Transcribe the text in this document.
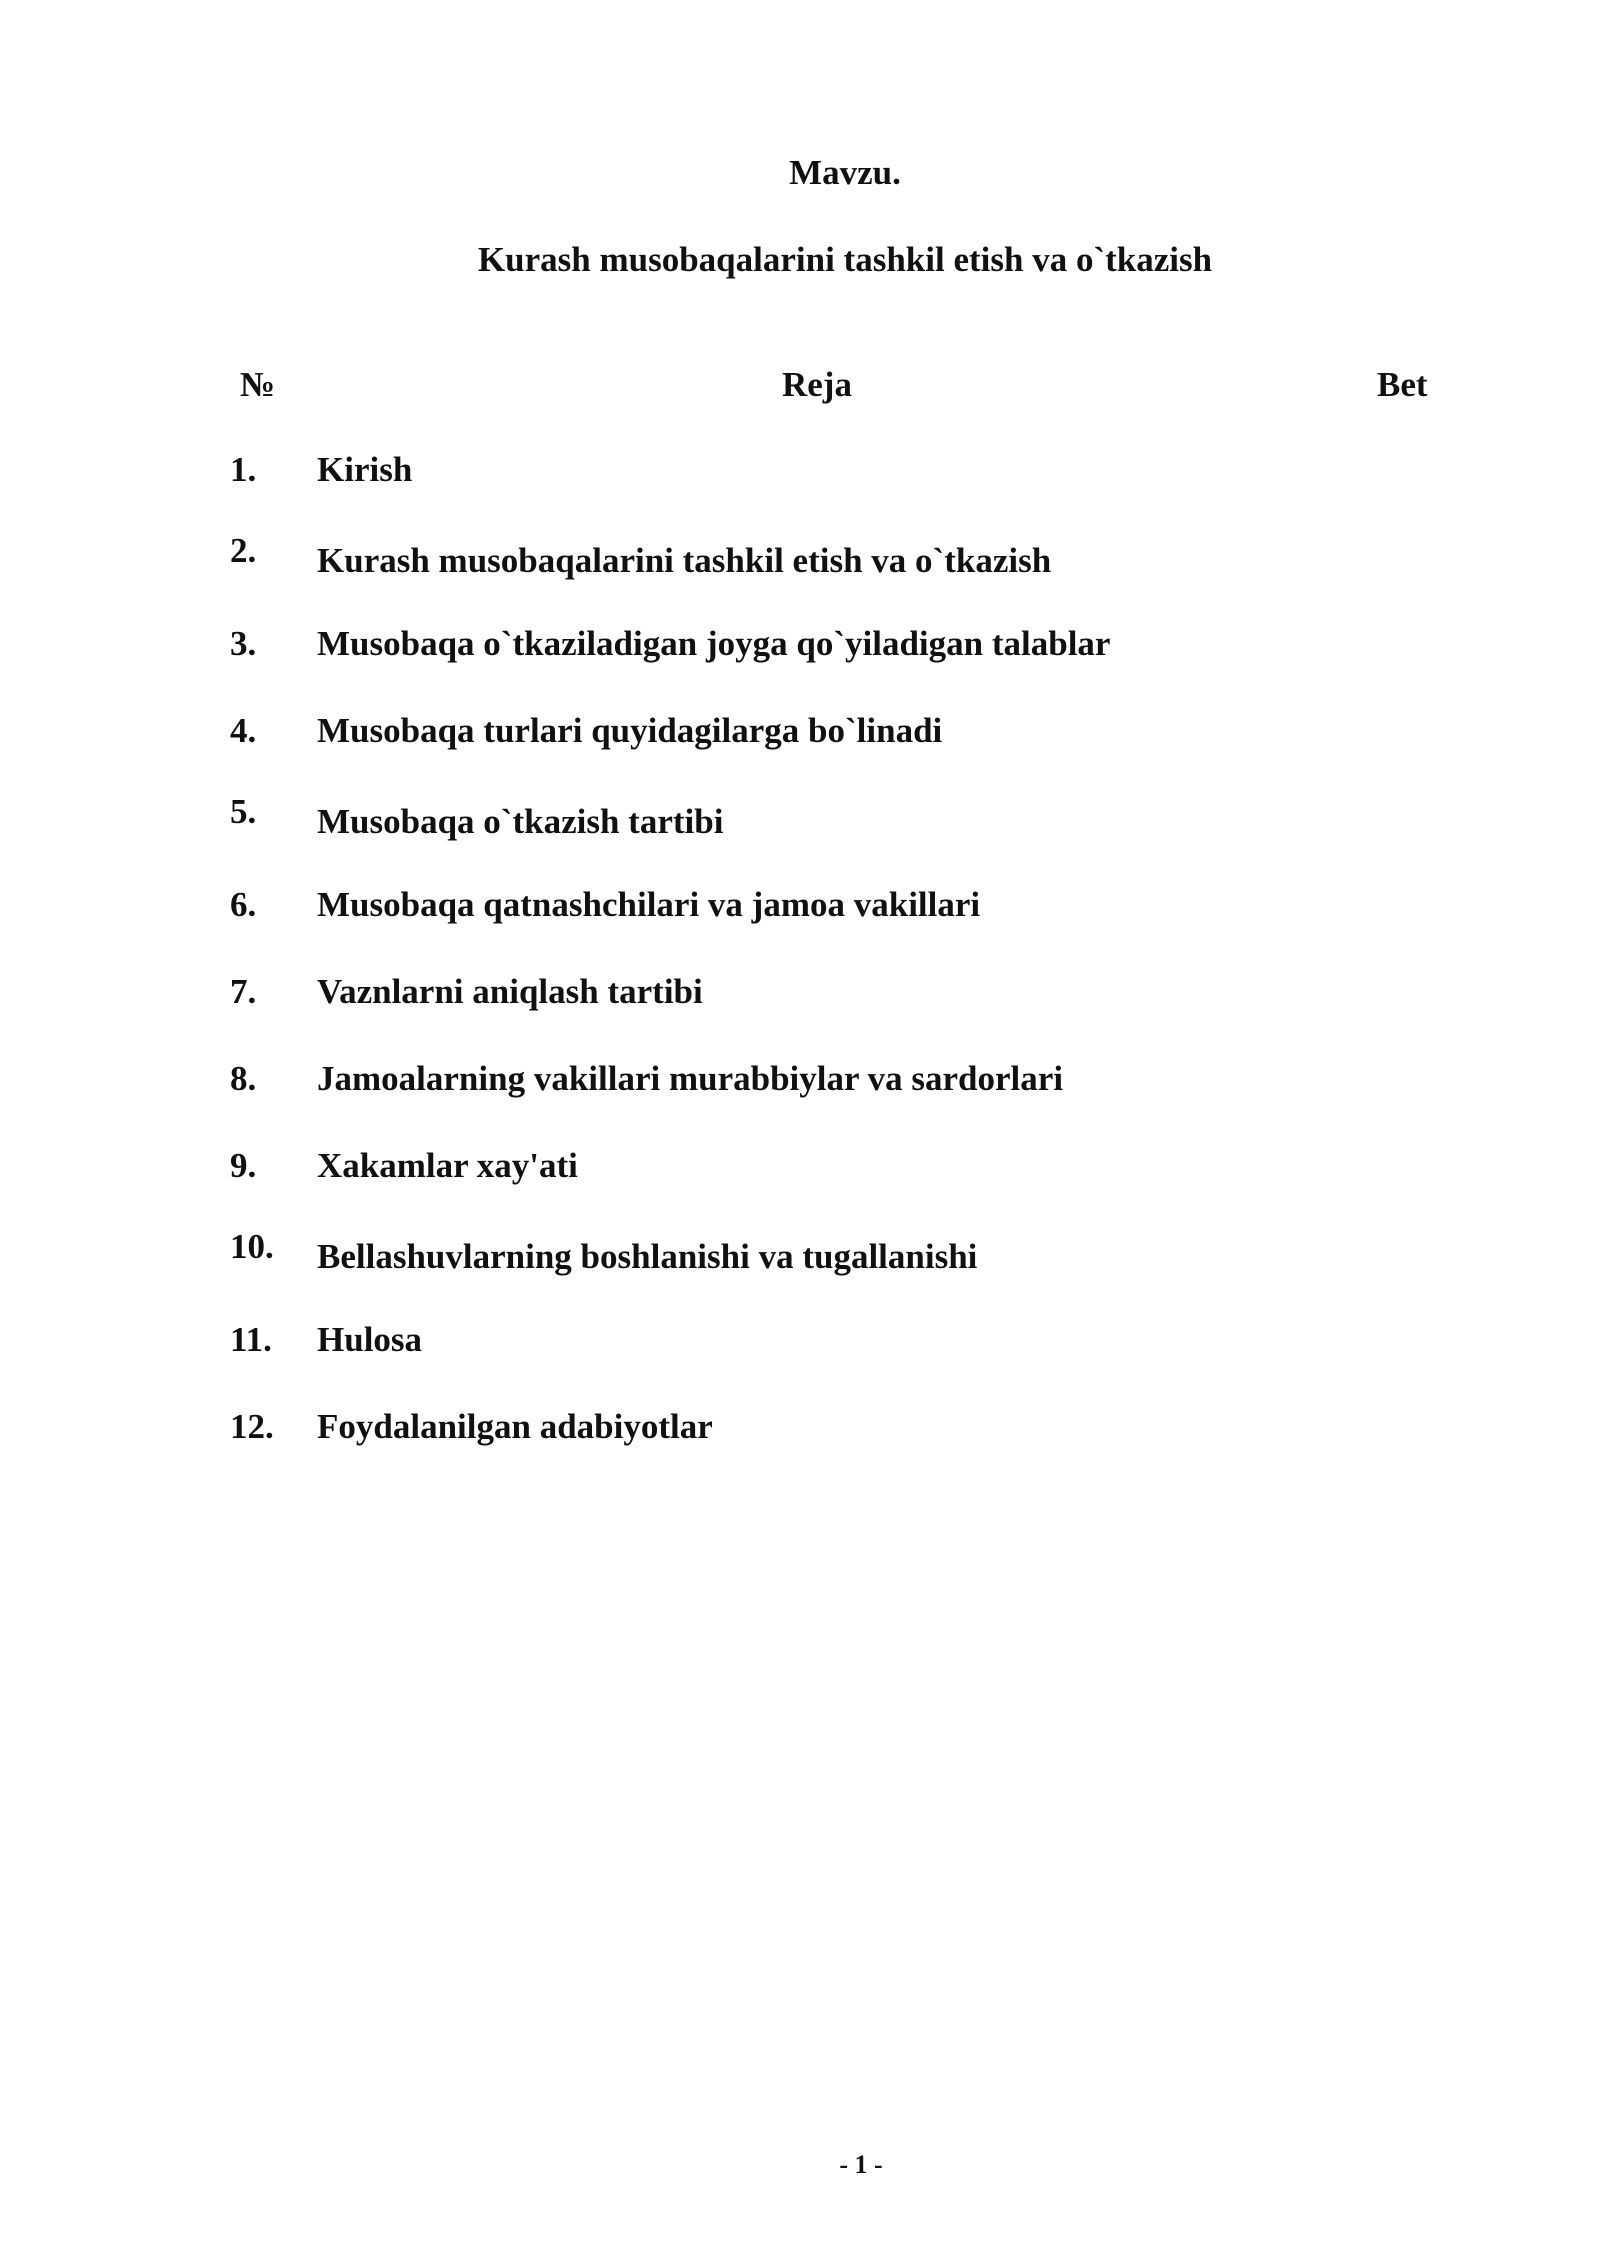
Mavzu.
Kurash musobaqalarini tashkil etish va o`tkazish
№	Reja	Bet
1. Kirish
2. Kurash musobaqalarini tashkil etish va o`tkazish
3. Musobaqa o`tkaziladigan joyga qo`yiladigan talablar
4. Musobaqa turlari quyidagilarga bo`linadi
5. Musobaqa o`tkazish tartibi
6. Musobaqa qatnashchilari va jamoa vakillari
7. Vaznlarni aniqlash tartibi
8. Jamoalarning vakillari murabbiylar va sardorlari
9. Xakamlar xay'ati
10. Bellashuvlarning boshlanishi va tugallanishi
11. Hulosa
12. Foydalanilgan adabiyotlar
- 1 -
